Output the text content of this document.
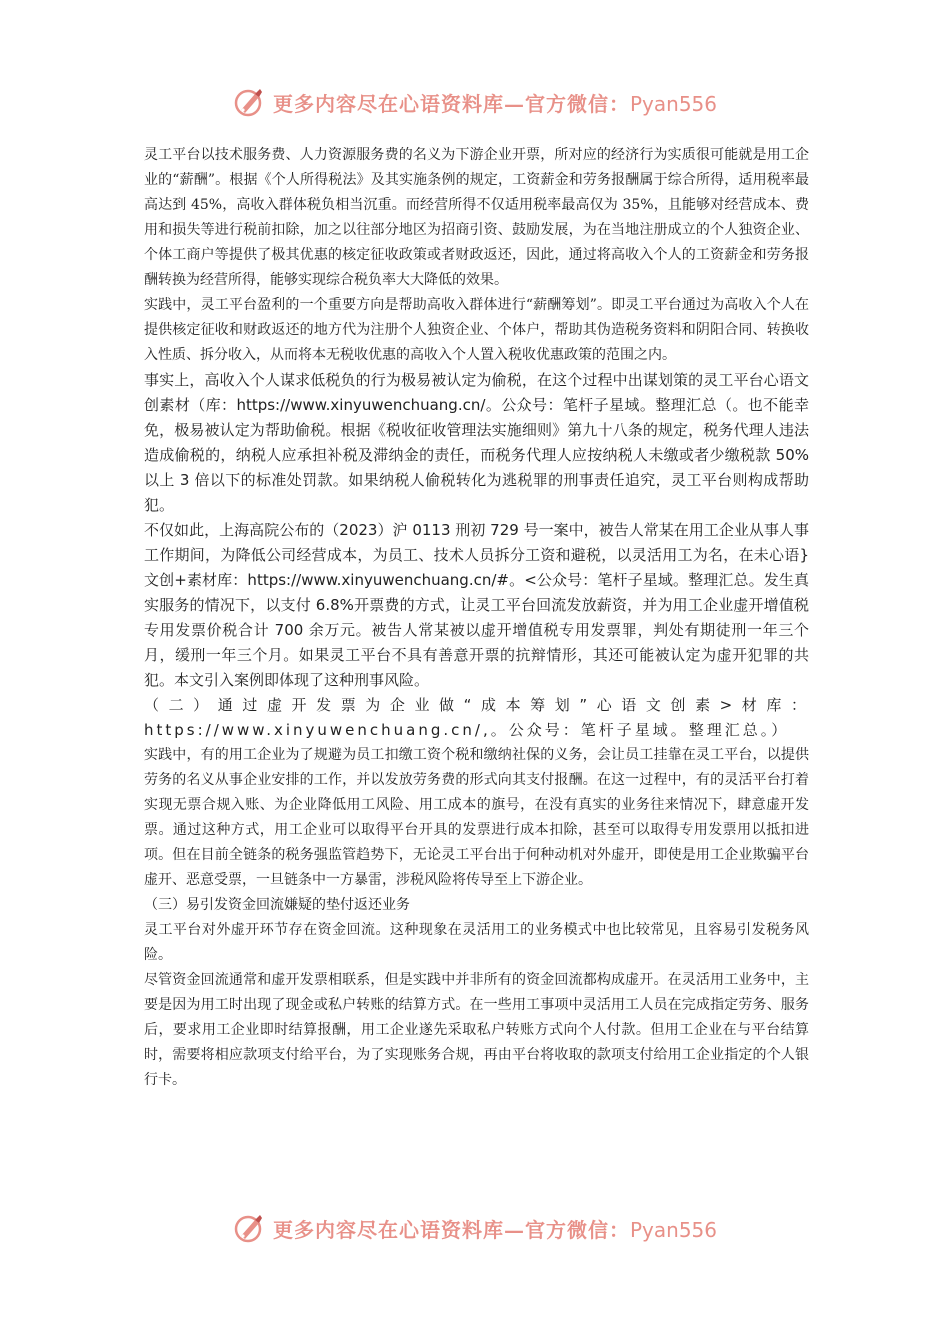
更多内容尽在心语资料库—官方微信：Pyan556

灵工平台以技术服务费、人力资源服务费的名义为下游企业开票，所对应的经济行为实质很可能就是用工企业的“薪酬”。根据《个人所得税法》及其实施条例的规定，工资薪金和劳务报酬属于综合所得，适用税率最高达到 45%，高收入群体税负相当沉重。而经营所得不仅适用税率最高仅为 35%，且能够对经营成本、费用和损失等进行税前扣除，加之以往部分地区为招商引资、鼓励发展，为在当地注册成立的个人独资企业、个体工商户等提供了极其优惠的核定征收政策或者财政返还，因此，通过将高收入个人的工资薪金和劳务报酬转换为经营所得，能够实现综合税负率大大降低的效果。

实践中，灵工平台盈利的一个重要方向是帮助高收入群体进行“薪酬筹划”。即灵工平台通过为高收入个人在提供核定征收和财政返还的地方代为注册个人独资企业、个体户，帮助其伪造税务资料和阴阳合同、转换收入性质、拆分收入，从而将本无税收优惠的高收入个人置入税收优惠政策的范围之内。

事实上，高收入个人谋求低税负的行为极易被认定为偷税，在这个过程中出谋划策的灵工平台心语文创素材（库：https://www.xinyuwenchuang.cn/。公众号：笔杆子星域。整理汇总（。也不能幸免，极易被认定为帮助偷税。根据《税收征收管理法实施细则》第九十八条的规定，税务代理人违法造成偷税的，纳税人应承担补税及滞纳金的责任，而税务代理人应按纳税人未缴或者少缴税款 50%以上 3 倍以下的标准处罚款。如果纳税人偷税转化为逃税罪的刑事责任追究，灵工平台则构成帮助犯。

不仅如此，上海高院公布的（2023）沪 0113 刑初 729 号一案中，被告人常某在用工企业从事人事工作期间，为降低公司经营成本，为员工、技术人员拆分工资和避税，以灵活用工为名，在未心语}文创+素材库：https://www.xinyuwenchuang.cn/#。<公众号：笔杆子星域。整理汇总。发生真实服务的情况下，以支付 6.8%开票费的方式，让灵工平台回流发放薪资，并为用工企业虚开增值税专用发票价税合计 700 余万元。被告人常某被以虚开增值税专用发票罪，判处有期徒刑一年三个月，缓刑一年三个月。如果灵工平台不具有善意开票的抗辩情形，其还可能被认定为虚开犯罪的共犯。本文引入案例即体现了这种刑事风险。

（二）通过虚开发票为企业做“成本筹划”心语文创素>材库：https://www.xinyuwenchuang.cn/,。公众号：笔杆子星域。整理汇总。）

实践中，有的用工企业为了规避为员工扣缴工资个税和缴纳社保的义务，会让员工挂靠在灵工平台，以提供劳务的名义从事企业安排的工作，并以发放劳务费的形式向其支付报酬。在这一过程中，有的灵活平台打着实现无票合规入账、为企业降低用工风险、用工成本的旗号，在没有真实的业务往来情况下，肆意虚开发票。通过这种方式，用工企业可以取得平台开具的发票进行成本扣除，甚至可以取得专用发票用以抵扣进项。但在目前全链条的税务强监管趋势下，无论灵工平台出于何种动机对外虚开，即使是用工企业欺骗平台虚开、恶意受票，一旦链条中一方暴雷，涉税风险将传导至上下游企业。

（三）易引发资金回流嫌疑的垫付返还业务

灵工平台对外虚开环节存在资金回流。这种现象在灵活用工的业务模式中也比较常见，且容易引发税务风险。

尽管资金回流通常和虚开发票相联系，但是实践中并非所有的资金回流都构成虚开。在灵活用工业务中，主要是因为用工时出现了现金或私户转账的结算方式。在一些用工事项中灵活用工人员在完成指定劳务、服务后，要求用工企业即时结算报酬，用工企业遂先采取私户转账方式向个人付款。但用工企业在与平台结算时，需要将相应款项支付给平台，为了实现账务合规，再由平台将收取的款项支付给用工企业指定的个人银行卡。

更多内容尽在心语资料库—官方微信：Pyan556
